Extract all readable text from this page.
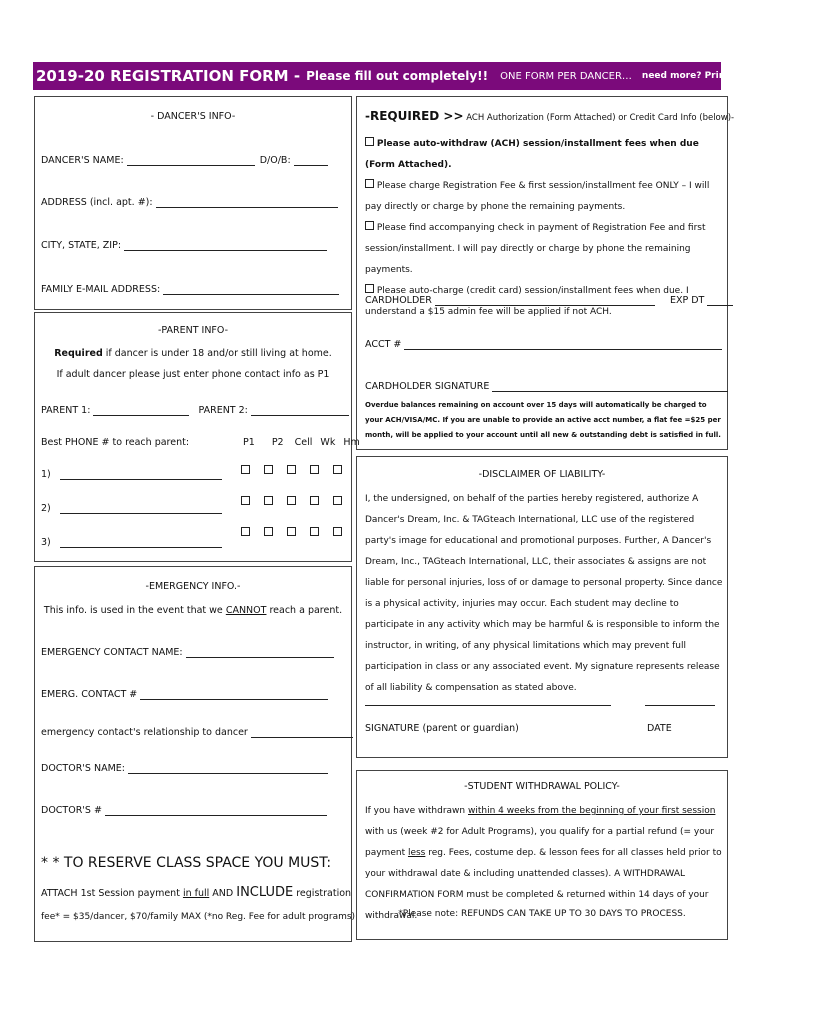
2019-20 REGISTRATION FORM - Please fill out completely!! ONE FORM PER DANCER… need more? Print from our web site
- DANCER'S INFO-
DANCER'S NAME:	D/O/B:
ADDRESS (incl. apt. #):
CITY, STATE, ZIP:
FAMILY E-MAIL ADDRESS:
-PARENT INFO-
Required if dancer is under 18 and/or still living at home.
If adult dancer please just enter phone contact info as P1
PARENT 1:	PARENT 2:
Best PHONE # to reach parent:	P1 P2 Cell Wk Hm
1)
2)
3)
-EMERGENCY INFO.-
This info. is used in the event that we CANNOT reach a parent.
EMERGENCY CONTACT NAME:
EMERG. CONTACT #
emergency contact's relationship to dancer
DOCTOR'S NAME:
DOCTOR'S #
* * TO RESERVE CLASS SPACE YOU MUST:
ATTACH 1st Session payment in full AND INCLUDE registration
fee* = $35/dancer, $70/family MAX (*no Reg. Fee for adult programs)
-REQUIRED >> ACH Authorization (Form Attached) or Credit Card Info (below)-
Please auto-withdraw (ACH) session/installment fees when due (Form Attached).
Please charge Registration Fee & first session/installment fee ONLY – I will pay directly or charge by phone the remaining payments.
Please find accompanying check in payment of Registration Fee and first session/installment. I will pay directly or charge by phone the remaining payments.
Please auto-charge (credit card) session/installment fees when due. I understand a $15 admin fee will be applied if not ACH.
CARDHOLDER	EXP DT
ACCT #
CARDHOLDER SIGNATURE
Overdue balances remaining on account over 15 days will automatically be charged to your ACH/VISA/MC. If you are unable to provide an active acct number, a flat fee =$25 per month, will be applied to your account until all new & outstanding debt is satisfied in full.
-DISCLAIMER OF LIABILITY-
I, the undersigned, on behalf of the parties hereby registered, authorize A Dancer's Dream, Inc. & TAGteach International, LLC use of the registered party's image for educational and promotional purposes. Further, A Dancer's Dream, Inc., TAGteach International, LLC, their associates & assigns are not liable for personal injuries, loss of or damage to personal property. Since dance is a physical activity, injuries may occur. Each student may decline to participate in any activity which may be harmful & is responsible to inform the instructor, in writing, of any physical limitations which may prevent full participation in class or any associated event. My signature represents release of all liability & compensation as stated above.
SIGNATURE (parent or guardian)	DATE
-STUDENT WITHDRAWAL POLICY-
If you have withdrawn within 4 weeks from the beginning of your first session with us (week #2 for Adult Programs), you qualify for a partial refund (= your payment less reg. Fees, costume dep. & lesson fees for all classes held prior to your withdrawal date & including unattended classes). A WITHDRAWAL CONFIRMATION FORM must be completed & returned within 14 days of your withdrawal.
*Please note: REFUNDS CAN TAKE UP TO 30 DAYS TO PROCESS.
